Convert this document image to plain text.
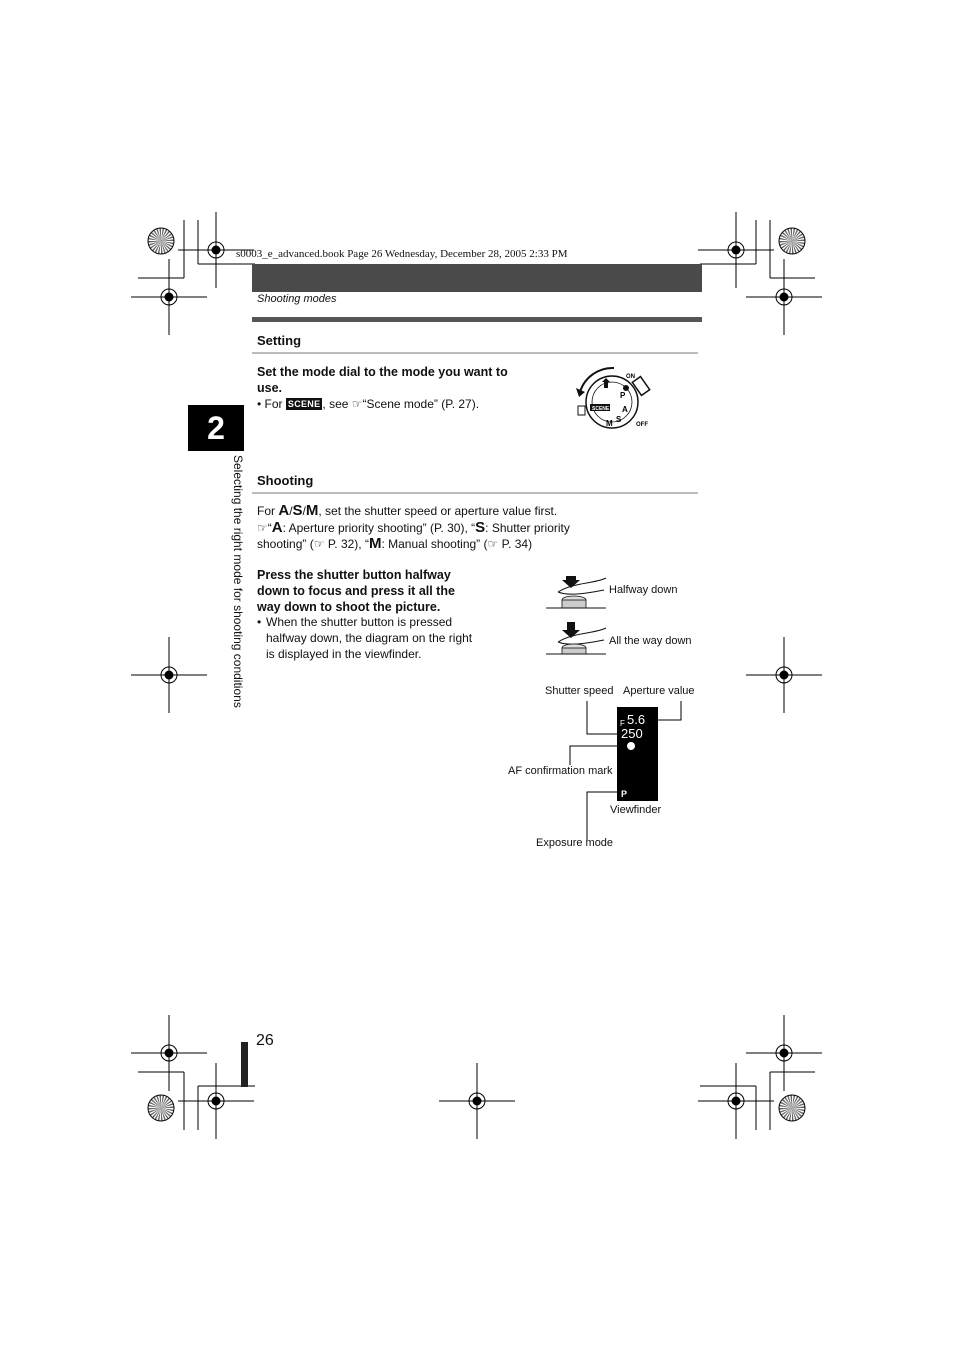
s0003_e_advanced.book Page 26 Wednesday, December 28, 2005 2:33 PM
Shooting modes
2
Selecting the right mode for shooting conditions
Setting
Set the mode dial to the mode you want to use.
• For SCENE , see ☞“Scene mode” (P. 27).
ON
OFF
SCENE
P
A
S
M
Shooting
For A/S/M, set the shutter speed or aperture value first.
☞“A: Aperture priority shooting” (P. 30), “S: Shutter priority
shooting” (☞ P. 32), “M: Manual shooting” (☞ P. 34)
Press the shutter button halfway down to focus and press it all the way down to shoot the picture.
• When the shutter button is pressed halfway down, the diagram on the right is displayed in the viewfinder.
Halfway down
All the way down
Shutter speed Aperture value
AF confirmation mark
Viewfinder
Exposure mode
5.6
F
250
P
26
